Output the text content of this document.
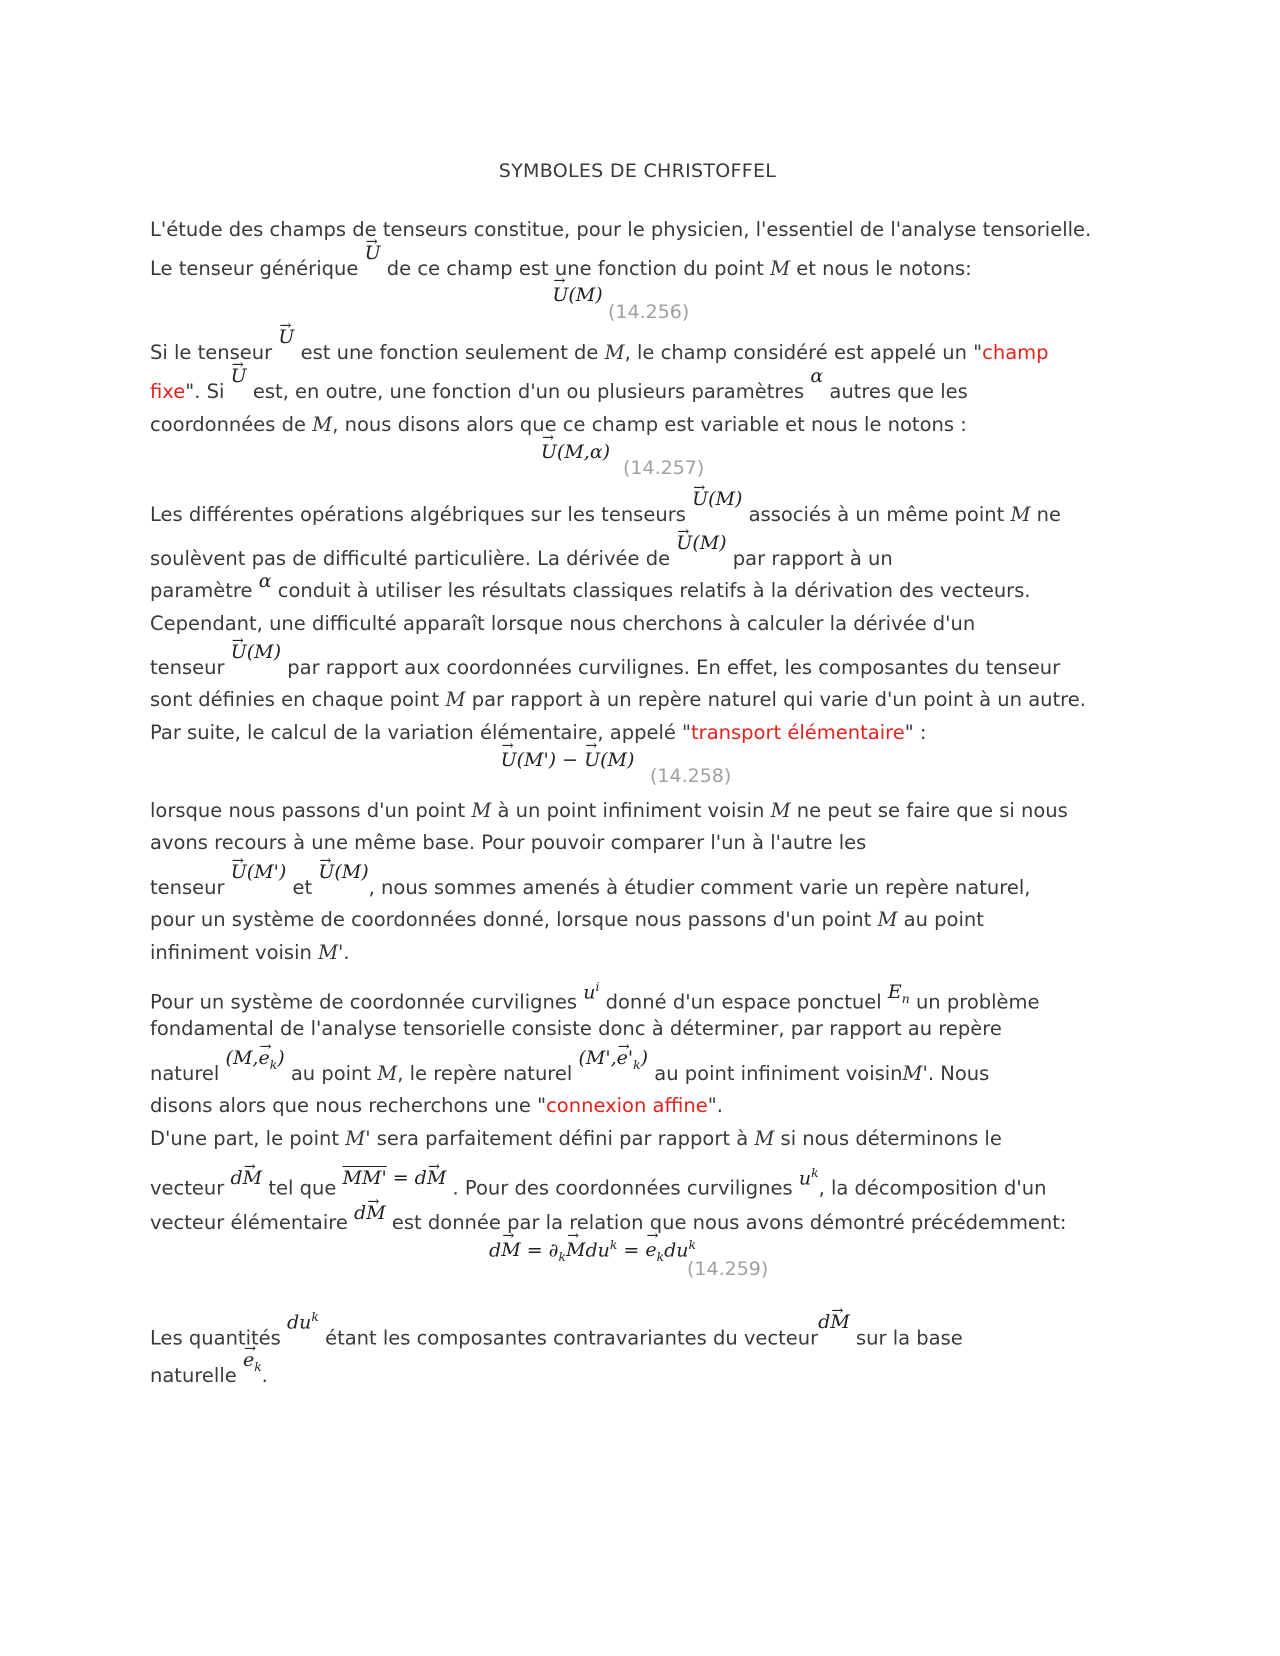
SYMBOLES DE CHRISTOFFEL
L'étude des champs de tenseurs constitue, pour le physicien, l'essentiel de l'analyse tensorielle.
Le tenseur générique → U de ce champ est une fonction du point M et nous le notons:
→ U(M)
(14.256)
Si le tenseur → U est une fonction seulement de M, le champ considéré est appelé un "champ
fixe". Si → U est, en outre, une fonction d'un ou plusieurs paramètres α autres que les
coordonnées de M, nous disons alors que ce champ est variable et nous le notons :
→ U(M,α)
(14.257)
Les différentes opérations algébriques sur les tenseurs → U(M) associés à un même point M ne
soulèvent pas de difficulté particulière. La dérivée de → U(M) par rapport à un
paramètre α conduit à utiliser les résultats classiques relatifs à la dérivation des vecteurs.
Cependant, une difficulté apparaît lorsque nous cherchons à calculer la dérivée d'un
tenseur → U(M) par rapport aux coordonnées curvilignes. En effet, les composantes du tenseur
sont définies en chaque point M par rapport à un repère naturel qui varie d'un point à un autre.
Par suite, le calcul de la variation élémentaire, appelé "transport élémentaire" :
→ U(M') − → U(M)
(14.258)
lorsque nous passons d'un point M à un point infiniment voisin M ne peut se faire que si nous
avons recours à une même base. Pour pouvoir comparer l'un à l'autre les
tenseur → U(M') et → U(M), nous sommes amenés à étudier comment varie un repère naturel,
pour un système de coordonnées donné, lorsque nous passons d'un point M au point
infiniment voisin M'.
Pour un système de coordonnée curvilignes $u^i$ donné d'un espace ponctuel $E_n$ un problème
fondamental de l'analyse tensorielle consiste donc à déterminer, par rapport au repère
naturel $(M,\to e_k)$ au point M, le repère naturel $(M',\to e'_k)$ au point infiniment voisinM'. Nous
disons alors que nous recherchons une "connexion affine".
D'une part, le point M' sera parfaitement défini par rapport à M si nous déterminons le
vecteur d→ M tel que MM' = d→ M . Pour des coordonnées curvilignes $u^k$, la décomposition d'un
vecteur élémentaire d→ M est donnée par la relation que nous avons démontré précédemment:
$d\to M = \partial_k\to Mdu^k$ = → $e_kdu^k$
(14.259)
Les quantités $du^k$ étant les composantes contravariantes du vecteurd→ M sur la base
naturelle → $e_k$.
